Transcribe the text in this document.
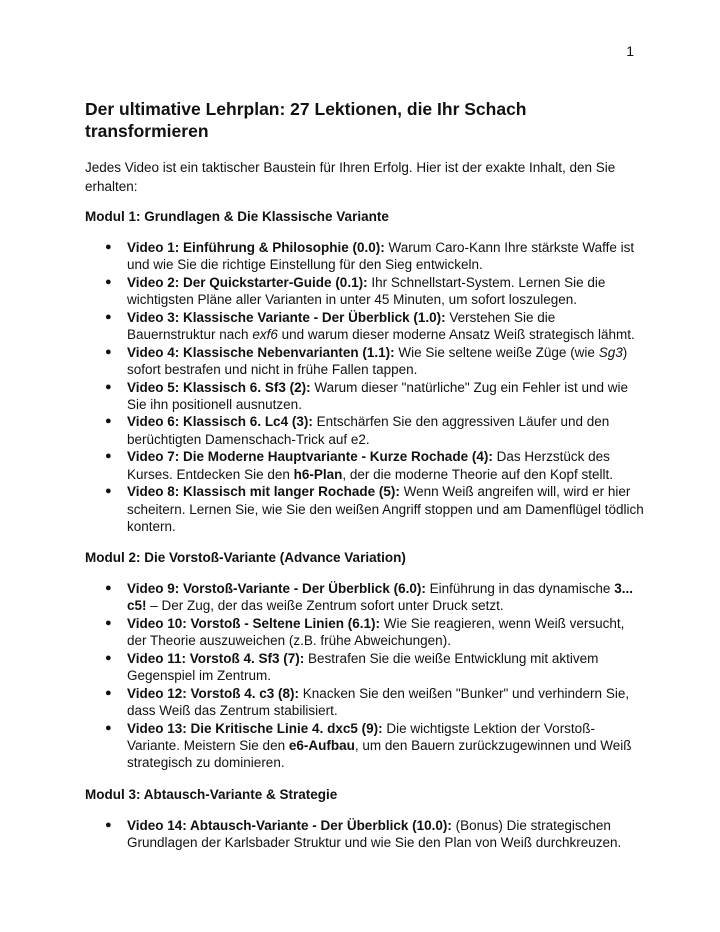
1
Der ultimative Lehrplan: 27 Lektionen, die Ihr Schach transformieren

Jedes Video ist ein taktischer Baustein für Ihren Erfolg. Hier ist der exakte Inhalt, den Sie erhalten:

Modul 1: Grundlagen & Die Klassische Variante
● Video 1: Einführung & Philosophie (0.0): Warum Caro-Kann Ihre stärkste Waffe ist und wie Sie die richtige Einstellung für den Sieg entwickeln.
● Video 2: Der Quickstarter-Guide (0.1): Ihr Schnellstart-System. Lernen Sie die wichtigsten Pläne aller Varianten in unter 45 Minuten, um sofort loszulegen.
● Video 3: Klassische Variante - Der Überblick (1.0): Verstehen Sie die Bauernstruktur nach exf6 und warum dieser moderne Ansatz Weiß strategisch lähmt.
● Video 4: Klassische Nebenvarianten (1.1): Wie Sie seltene weiße Züge (wie Sg3) sofort bestrafen und nicht in frühe Fallen tappen.
● Video 5: Klassisch 6. Sf3 (2): Warum dieser "natürliche" Zug ein Fehler ist und wie Sie ihn positionell ausnutzen.
● Video 6: Klassisch 6. Lc4 (3): Entschärfen Sie den aggressiven Läufer und den berüchtigten Damenschach-Trick auf e2.
● Video 7: Die Moderne Hauptvariante - Kurze Rochade (4): Das Herzstück des Kurses. Entdecken Sie den h6-Plan, der die moderne Theorie auf den Kopf stellt.
● Video 8: Klassisch mit langer Rochade (5): Wenn Weiß angreifen will, wird er hier scheitern. Lernen Sie, wie Sie den weißen Angriff stoppen und am Damenflügel tödlich kontern.
Modul 2: Die Vorstoß-Variante (Advance Variation)
● Video 9: Vorstoß-Variante - Der Überblick (6.0): Einführung in das dynamische 3... c5! – Der Zug, der das weiße Zentrum sofort unter Druck setzt.
● Video 10: Vorstoß - Seltene Linien (6.1): Wie Sie reagieren, wenn Weiß versucht, der Theorie auszuweichen (z.B. frühe Abweichungen).
● Video 11: Vorstoß 4. Sf3 (7): Bestrafen Sie die weiße Entwicklung mit aktivem Gegenspiel im Zentrum.
● Video 12: Vorstoß 4. c3 (8): Knacken Sie den weißen "Bunker" und verhindern Sie, dass Weiß das Zentrum stabilisiert.
● Video 13: Die Kritische Linie 4. dxc5 (9): Die wichtigste Lektion der Vorstoß-Variante. Meistern Sie den e6-Aufbau, um den Bauern zurückzugewinnen und Weiß strategisch zu dominieren.
Modul 3: Abtausch-Variante & Strategie
● Video 14: Abtausch-Variante - Der Überblick (10.0): (Bonus) Die strategischen Grundlagen der Karlsbader Struktur und wie Sie den Plan von Weiß durchkreuzen.
